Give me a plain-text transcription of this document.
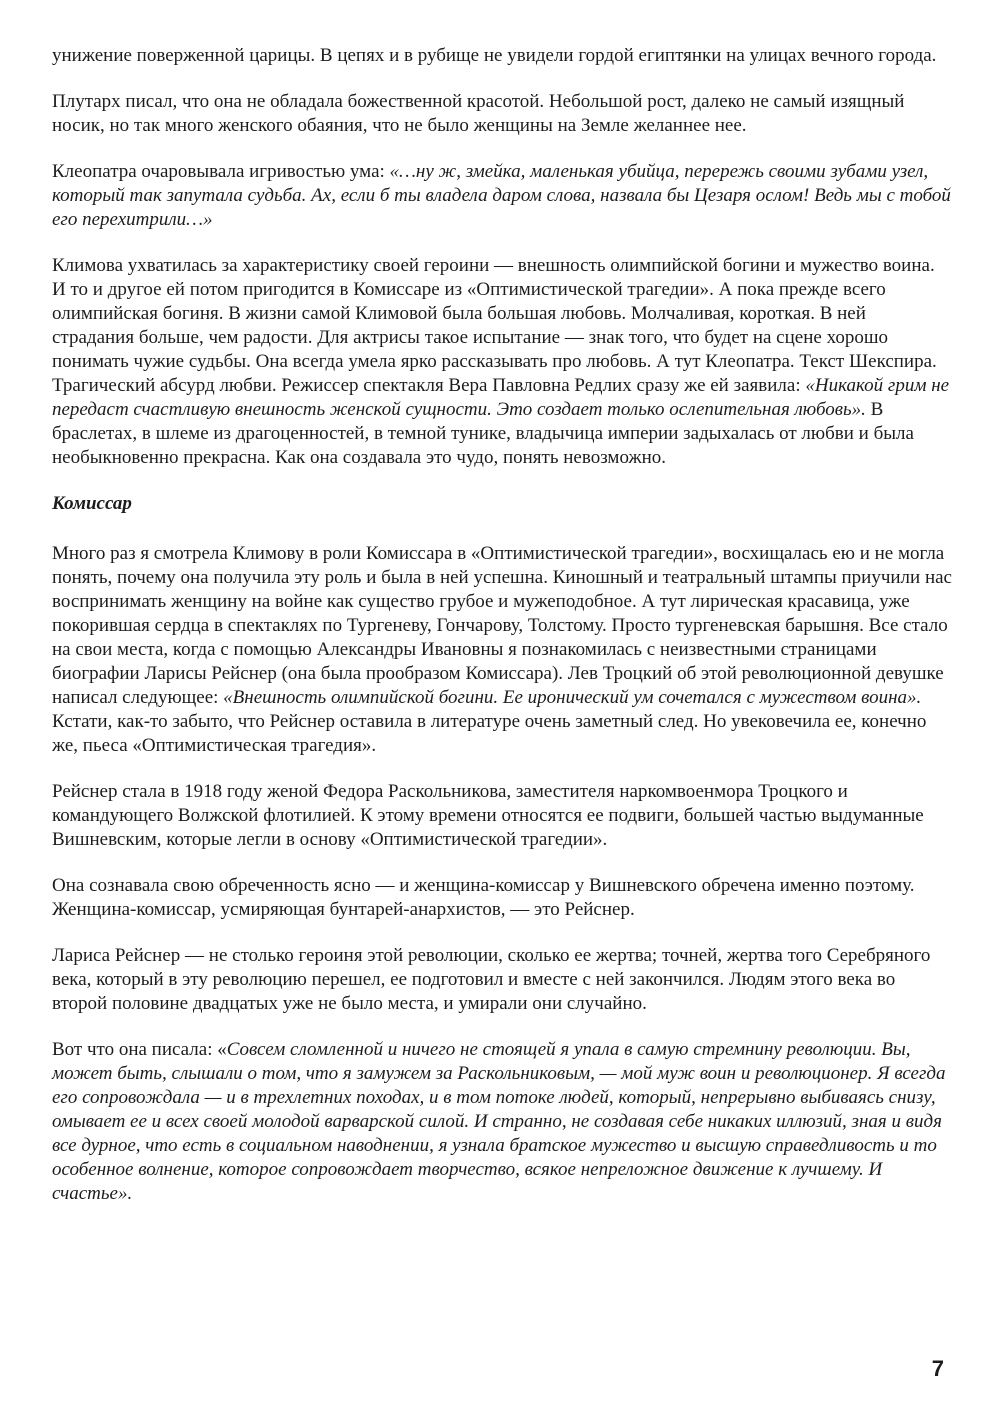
унижение поверженной царицы. В цепях и в рубище не увидели гордой египтянки на улицах вечного города.

Плутарх писал, что она не обладала божественной красотой. Небольшой рост, далеко не самый изящный носик, но так много женского обаяния, что не было женщины на Земле желаннее нее.

Клеопатра очаровывала игривостью ума: «…ну ж, змейка, маленькая убийца, перережь своими зубами узел, который так запутала судьба. Ах, если б ты владела даром слова, назвала бы Цезаря ослом! Ведь мы с тобой его перехитрили…»

Климова ухватилась за характеристику своей героини — внешность олимпийской богини и мужество воина. И то и другое ей потом пригодится в Комиссаре из «Оптимистической трагедии». А пока прежде всего олимпийская богиня. В жизни самой Климовой была большая любовь. Молчаливая, короткая. В ней страдания больше, чем радости. Для актрисы такое испытание — знак того, что будет на сцене хорошо понимать чужие судьбы. Она всегда умела ярко рассказывать про любовь. А тут Клеопатра. Текст Шекспира. Трагический абсурд любви. Режиссер спектакля Вера Павловна Редлих сразу же ей заявила: «Никакой грим не передаст счастливую внешность женской сущности. Это создает только ослепительная любовь». В браслетах, в шлеме из драгоценностей, в темной тунике, владычица империи задыхалась от любви и была необыкновенно прекрасна. Как она создавала это чудо, понять невозможно.

Комиссар

Много раз я смотрела Климову в роли Комиссара в «Оптимистической трагедии», восхищалась ею и не могла понять, почему она получила эту роль и была в ней успешна. Киношный и театральный штампы приучили нас воспринимать женщину на войне как существо грубое и мужеподобное. А тут лирическая красавица, уже покорившая сердца в спектаклях по Тургеневу, Гончарову, Толстому. Просто тургеневская барышня. Все стало на свои места, когда с помощью Александры Ивановны я познакомилась с неизвестными страницами биографии Ларисы Рейснер (она была прообразом Комиссара). Лев Троцкий об этой революционной девушке написал следующее: «Внешность олимпийской богини. Ее иронический ум сочетался с мужеством воина». Кстати, как-то забыто, что Рейснер оставила в литературе очень заметный след. Но увековечила ее, конечно же, пьеса «Оптимистическая трагедия».

Рейснер стала в 1918 году женой Федора Раскольникова, заместителя наркомвоенмора Троцкого и командующего Волжской флотилией. К этому времени относятся ее подвиги, большей частью выдуманные Вишневским, которые легли в основу «Оптимистической трагедии».

Она сознавала свою обреченность ясно — и женщина-комиссар у Вишневского обречена именно поэтому. Женщина-комиссар, усмиряющая бунтарей-анархистов, — это Рейснер.

Лариса Рейснер — не столько героиня этой революции, сколько ее жертва; точней, жертва того Серебряного века, который в эту революцию перешел, ее подготовил и вместе с ней закончился. Людям этого века во второй половине двадцатых уже не было места, и умирали они случайно.

Вот что она писала: «Совсем сломленной и ничего не стоящей я упала в самую стремнину революции. Вы, может быть, слышали о том, что я замужем за Раскольниковым, — мой муж воин и революционер. Я всегда его сопровождала — и в трехлетних походах, и в том потоке людей, который, непрерывно выбиваясь снизу, омывает ее и всех своей молодой варварской силой. И странно, не создавая себе никаких иллюзий, зная и видя все дурное, что есть в социальном наводнении, я узнала братское мужество и высшую справедливость и то особенное волнение, которое сопровождает творчество, всякое непреложное движение к лучшему. И счастье».

7
